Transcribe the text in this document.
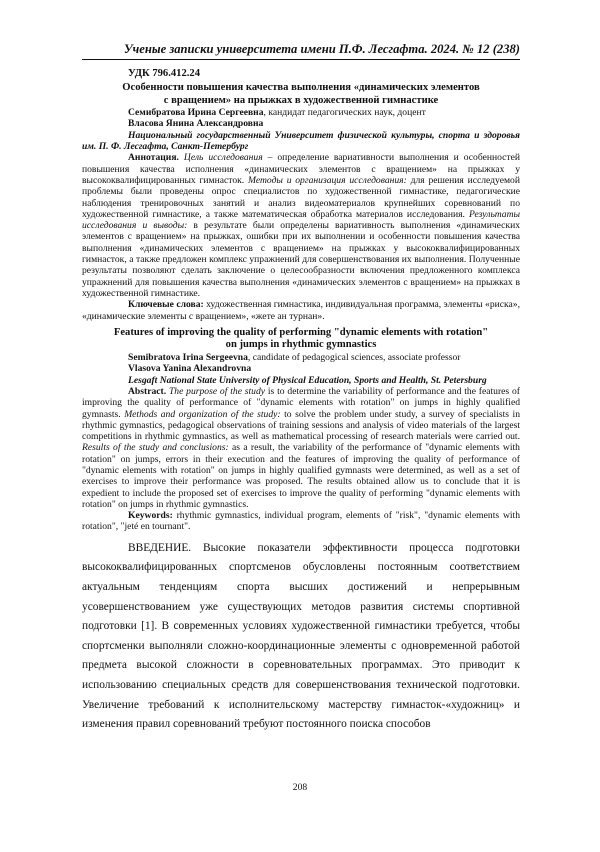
Ученые записки университета имени П.Ф. Лесгафта. 2024. № 12 (238)
УДК 796.412.24

Особенности повышения качества выполнения «динамических элементов
с вращением» на прыжках в художественной гимнастике

Семибратова Ирина Сергеевна, кандидат педагогических наук, доцент

Власова Янина Александровна

Национальный государственный Университет физической культуры, спорта и здоровья им. П. Ф. Лесгафта, Санкт-Петербург

Аннотация. Цель исследования – определение вариативности выполнения и особенностей повышения качества исполнения «динамических элементов с вращением» на прыжках у высококвалифицированных гимнасток. Методы и организация исследования: для решения исследуемой проблемы были проведены опрос специалистов по художественной гимнастике, педагогические наблюдения тренировочных занятий и анализ видеоматериалов крупнейших соревнований по художественной гимнастике, а также математическая обработка материалов исследования. Результаты исследования и выводы: в результате были определены вариативность выполнения «динамических элементов с вращением» на прыжках, ошибки при их выполнении и особенности повышения качества выполнения «динамических элементов с вращением» на прыжках у высококвалифицированных гимнасток, а также предложен комплекс упражнений для совершенствования их выполнения. Полученные результаты позволяют сделать заключение о целесообразности включения предложенного комплекса упражнений для повышения качества выполнения «динамических элементов с вращением» на прыжках в художественной гимнастике.

Ключевые слова: художественная гимнастика, индивидуальная программа, элементы «риска», «динамические элементы с вращением», «жете ан турнан».

Features of improving the quality of performing "dynamic elements with rotation"
on jumps in rhythmic gymnastics

Semibratova Irina Sergeevna, candidate of pedagogical sciences, associate professor

Vlasova Yanina Alexandrovna

Lesgaft National State University of Physical Education, Sports and Health, St. Petersburg

Abstract. The purpose of the study is to determine the variability of performance and the features of improving the quality of performance of "dynamic elements with rotation" on jumps in highly qualified gymnasts. Methods and organization of the study: to solve the problem under study, a survey of specialists in rhythmic gymnastics, pedagogical observations of training sessions and analysis of video materials of the largest competitions in rhythmic gymnastics, as well as mathematical processing of research materials were carried out. Results of the study and conclusions: as a result, the variability of the performance of "dynamic elements with rotation" on jumps, errors in their execution and the features of improving the quality of performance of "dynamic elements with rotation" on jumps in highly qualified gymnasts were determined, as well as a set of exercises to improve their performance was proposed. The results obtained allow us to conclude that it is expedient to include the proposed set of exercises to improve the quality of performing "dynamic elements with rotation" on jumps in rhythmic gymnastics.

Keywords: rhythmic gymnastics, individual program, elements of "risk", "dynamic elements with rotation", "jeté en tournant".

ВВЕДЕНИЕ. Высокие показатели эффективности процесса подготовки высококвалифицированных спортсменов обусловлены постоянным соответствием актуальным тенденциям спорта высших достижений и непрерывным усовершенствованием уже существующих методов развития системы спортивной подготовки [1]. В современных условиях художественной гимнастики требуется, чтобы спортсменки выполняли сложно-координационные элементы с одновременной работой предмета высокой сложности в соревновательных программах. Это приводит к использованию специальных средств для совершенствования технической подготовки. Увеличение требований к исполнительскому мастерству гимнасток-«художниц» и изменения правил соревнований требуют постоянного поиска способов

208
